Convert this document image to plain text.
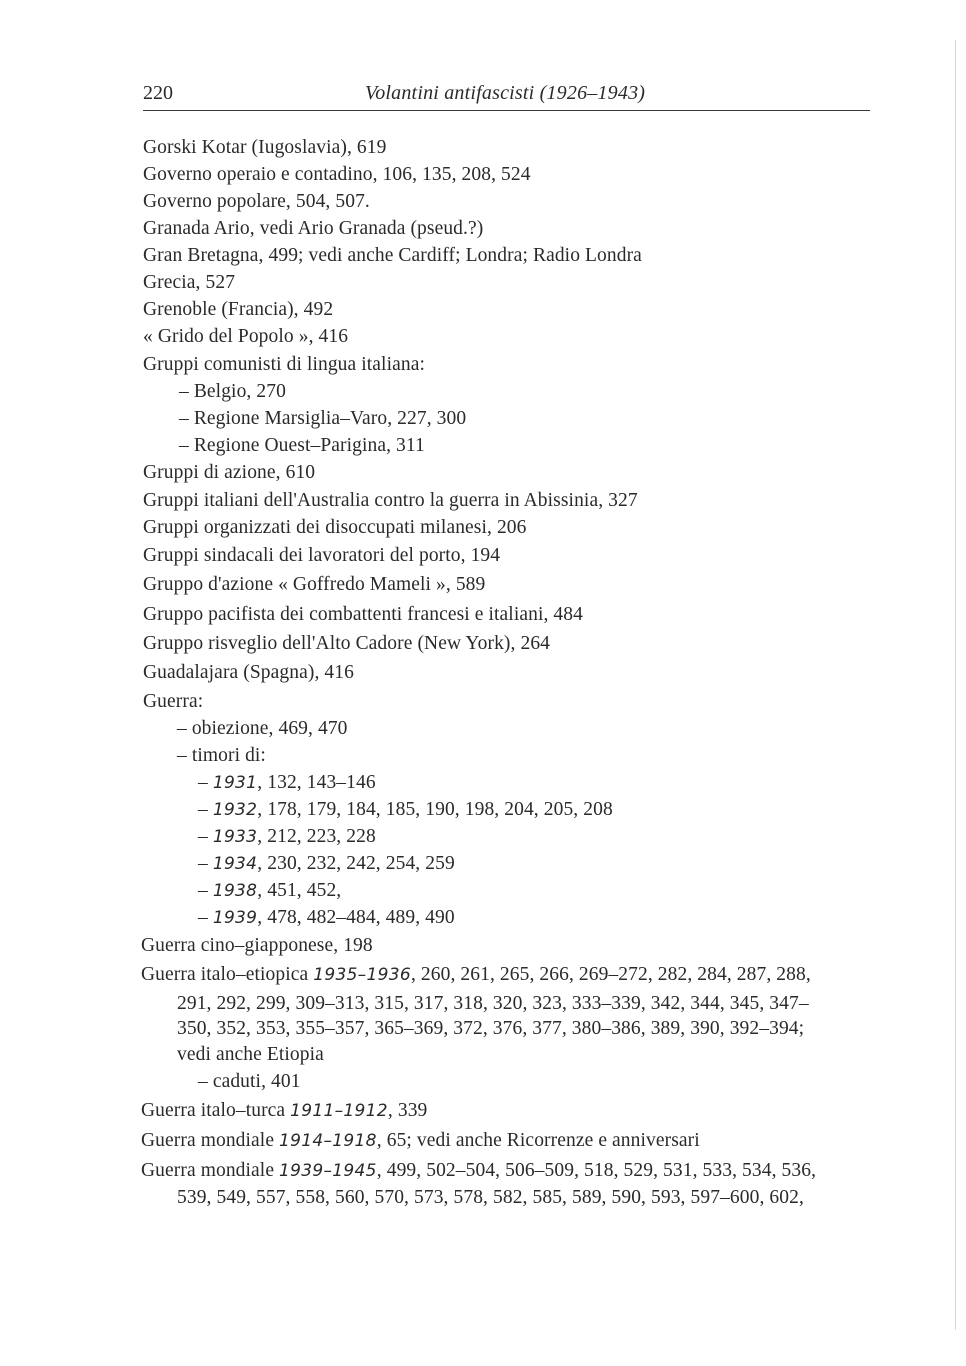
220	Volantini antifascisti (1926–1943)
Gorski Kotar (Iugoslavia), 619
Governo operaio e contadino, 106, 135, 208, 524
Governo popolare, 504, 507.
Granada Ario, vedi Ario Granada (pseud.?)
Gran Bretagna, 499; vedi anche Cardiff; Londra; Radio Londra
Grecia, 527
Grenoble (Francia), 492
« Grido del Popolo », 416
Gruppi comunisti di lingua italiana:
– Belgio, 270
– Regione Marsiglia–Varo, 227, 300
– Regione Ouest–Parigina, 311
Gruppi di azione, 610
Gruppi italiani dell'Australia contro la guerra in Abissinia, 327
Gruppi organizzati dei disoccupati milanesi, 206
Gruppi sindacali dei lavoratori del porto, 194
Gruppo d'azione « Goffredo Mameli », 589
Gruppo pacifista dei combattenti francesi e italiani, 484
Gruppo risveglio dell'Alto Cadore (New York), 264
Guadalajara (Spagna), 416
Guerra:
– obiezione, 469, 470
– timori di:
– 1931, 132, 143–146
– 1932, 178, 179, 184, 185, 190, 198, 204, 205, 208
– 1933, 212, 223, 228
– 1934, 230, 232, 242, 254, 259
– 1938, 451, 452,
– 1939, 478, 482–484, 489, 490
Guerra cino–giapponese, 198
Guerra italo–etiopica 1935–1936, 260, 261, 265, 266, 269–272, 282, 284, 287, 288,
291, 292, 299, 309–313, 315, 317, 318, 320, 323, 333–339, 342, 344, 345, 347–
350, 352, 353, 355–357, 365–369, 372, 376, 377, 380–386, 389, 390, 392–394;
vedi anche Etiopia
– caduti, 401
Guerra italo–turca 1911–1912, 339
Guerra mondiale 1914–1918, 65; vedi anche Ricorrenze e anniversari
Guerra mondiale 1939–1945, 499, 502–504, 506–509, 518, 529, 531, 533, 534, 536,
539, 549, 557, 558, 560, 570, 573, 578, 582, 585, 589, 590, 593, 597–600, 602,
